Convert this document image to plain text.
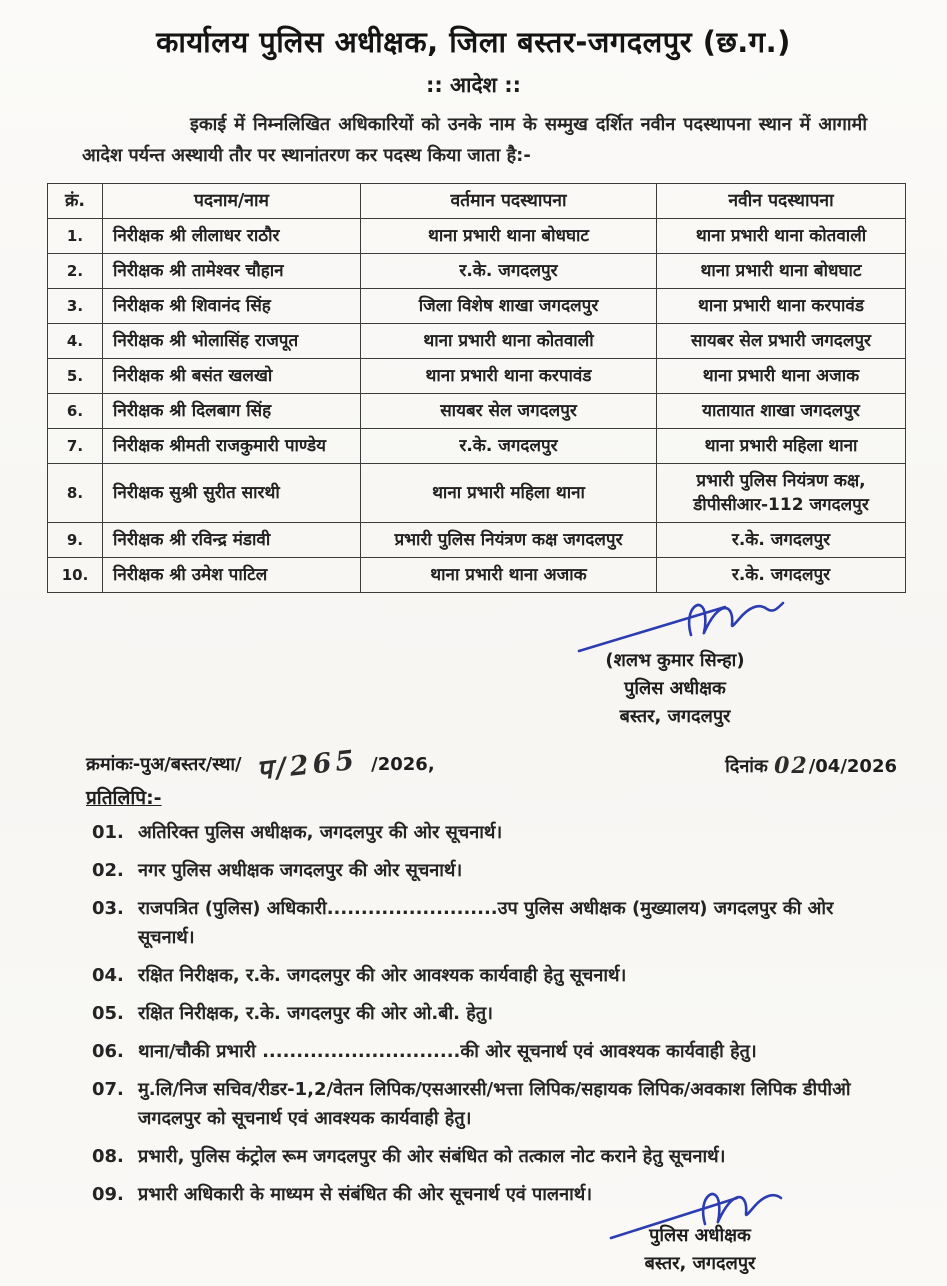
कार्यालय पुलिस अधीक्षक, जिला बस्तर-जगदलपुर (छ.ग.)
:: आदेश ::
इकाई में निम्नलिखित अधिकारियों को उनके नाम के सम्मुख दर्शित नवीन पदस्थापना स्थान में आगामी आदेश पर्यन्त अस्थायी तौर पर स्थानांतरण कर पदस्थ किया जाता है:-
क्रं.	पदनाम/नाम	वर्तमान पदस्थापना	नवीन पदस्थापना
1.	निरीक्षक श्री लीलाधर राठौर	थाना प्रभारी थाना बोधघाट	थाना प्रभारी थाना कोतवाली
2.	निरीक्षक श्री तामेश्वर चौहान	र.के. जगदलपुर	थाना प्रभारी थाना बोधघाट
3.	निरीक्षक श्री शिवानंद सिंह	जिला विशेष शाखा जगदलपुर	थाना प्रभारी थाना करपावंड
4.	निरीक्षक श्री भोलासिंह राजपूत	थाना प्रभारी थाना कोतवाली	सायबर सेल प्रभारी जगदलपुर
5.	निरीक्षक श्री बसंत खलखो	थाना प्रभारी थाना करपावंड	थाना प्रभारी थाना अजाक
6.	निरीक्षक श्री दिलबाग सिंह	सायबर सेल जगदलपुर	यातायात शाखा जगदलपुर
7.	निरीक्षक श्रीमती राजकुमारी पाण्डेय	र.के. जगदलपुर	थाना प्रभारी महिला थाना
8.	निरीक्षक सुश्री सुरीत सारथी	थाना प्रभारी महिला थाना	प्रभारी पुलिस नियंत्रण कक्ष, डीपीसीआर-112 जगदलपुर
9.	निरीक्षक श्री रविन्द्र मंडावी	प्रभारी पुलिस नियंत्रण कक्ष जगदलपुर	र.के. जगदलपुर
10.	निरीक्षक श्री उमेश पाटिल	थाना प्रभारी थाना अजाक	र.के. जगदलपुर
(शलभ कुमार सिन्हा)
पुलिस अधीक्षक
बस्तर, जगदलपुर
क्रमांकः-पुअ/बस्तर/स्था/ प/265 /2026,	दिनांक 02/04/2026
प्रतिलिपि:-
01. अतिरिक्त पुलिस अधीक्षक, जगदलपुर की ओर सूचनार्थ।
02. नगर पुलिस अधीक्षक जगदलपुर की ओर सूचनार्थ।
03. राजपत्रित (पुलिस) अधिकारी.........................उप पुलिस अधीक्षक (मुख्यालय) जगदलपुर की ओर सूचनार्थ।
04. रक्षित निरीक्षक, र.के. जगदलपुर की ओर आवश्यक कार्यवाही हेतु सूचनार्थ।
05. रक्षित निरीक्षक, र.के. जगदलपुर की ओर ओ.बी. हेतु।
06. थाना/चौकी प्रभारी .............................की ओर सूचनार्थ एवं आवश्यक कार्यवाही हेतु।
07. मु.लि/निज सचिव/रीडर-1,2/वेतन लिपिक/एसआरसी/भत्ता लिपिक/सहायक लिपिक/अवकाश लिपिक डीपीओ जगदलपुर को सूचनार्थ एवं आवश्यक कार्यवाही हेतु।
08. प्रभारी, पुलिस कंट्रोल रूम जगदलपुर की ओर संबंधित को तत्काल नोट कराने हेतु सूचनार्थ।
09. प्रभारी अधिकारी के माध्यम से संबंधित की ओर सूचनार्थ एवं पालनार्थ।
पुलिस अधीक्षक
बस्तर, जगदलपुर
